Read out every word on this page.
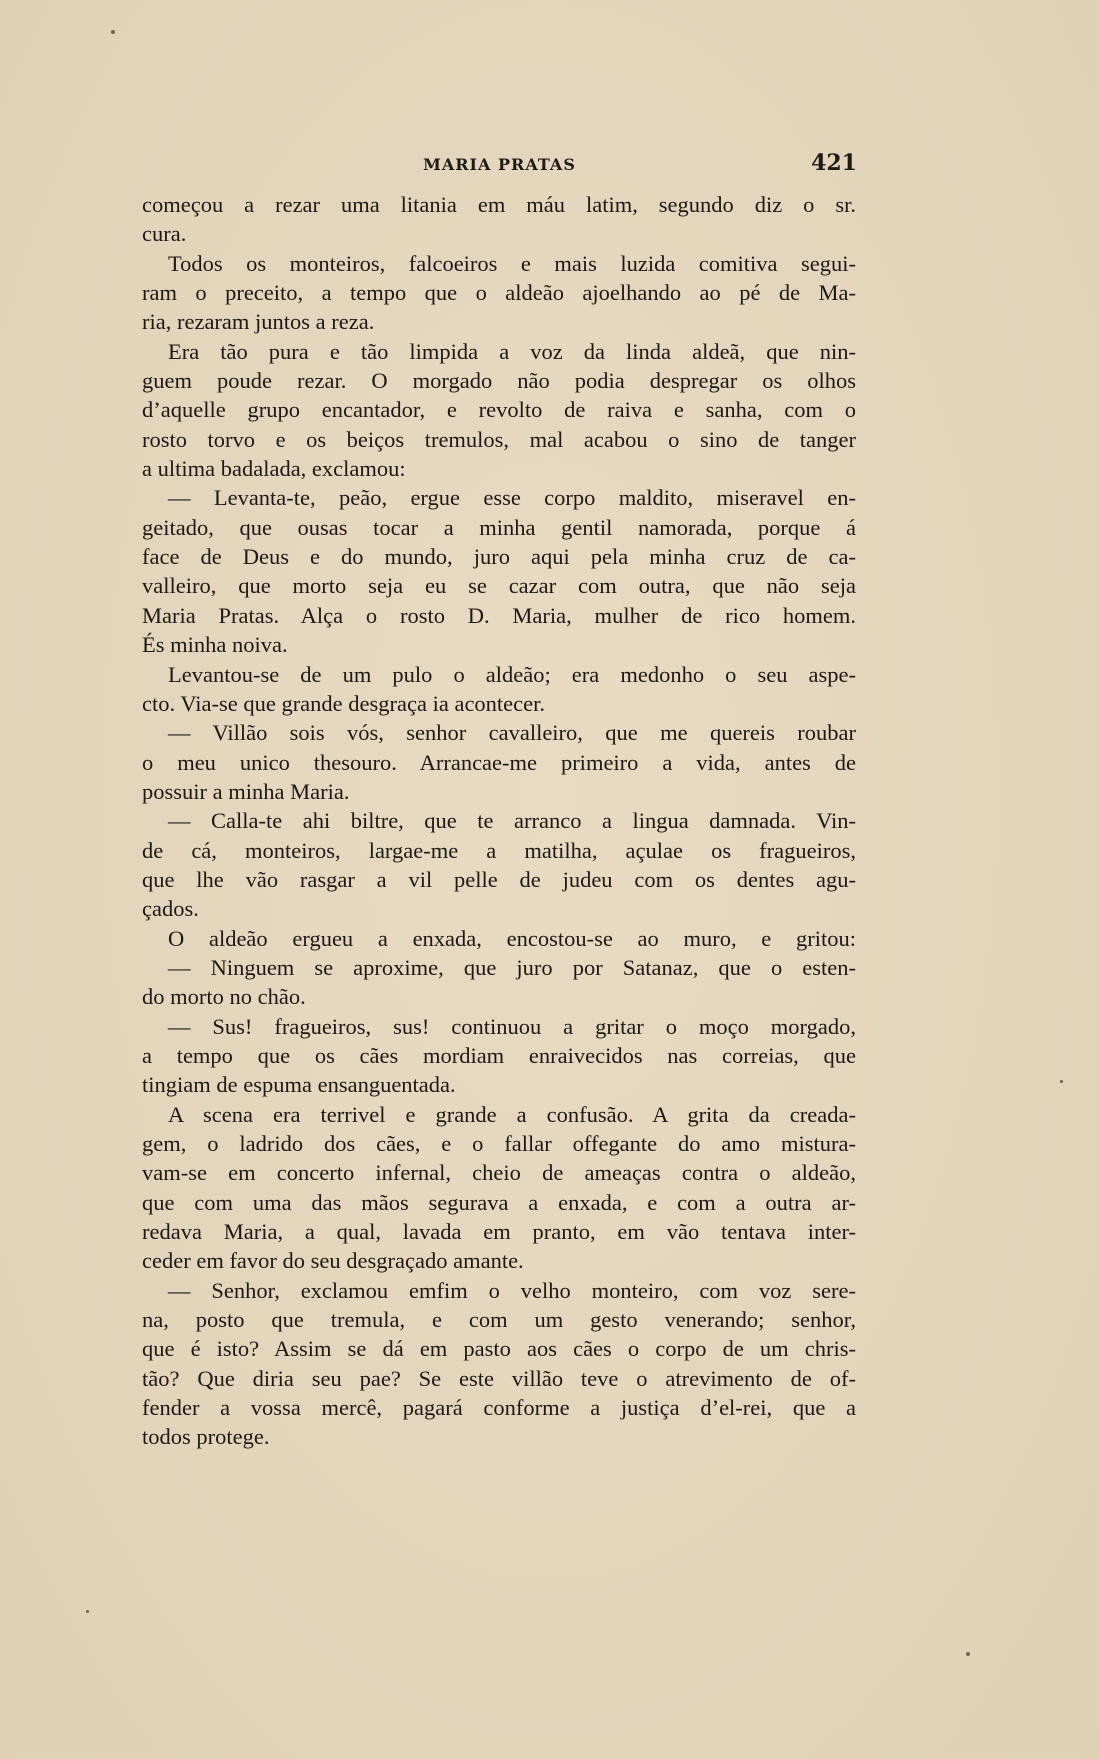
MARIA PRATAS	421
começou a rezar uma litania em máu latim, segundo diz o sr.
cura.
Todos os monteiros, falcoeiros e mais luzida comitiva segui-
ram o preceito, a tempo que o aldeão ajoelhando ao pé de Ma-
ria, rezaram juntos a reza.
Era tão pura e tão limpida a voz da linda aldeã, que nin-
guem poude rezar. O morgado não podia despregar os olhos
d’aquelle grupo encantador, e revolto de raiva e sanha, com o
rosto torvo e os beiços tremulos, mal acabou o sino de tanger
a ultima badalada, exclamou:
— Levanta-te, peão, ergue esse corpo maldito, miseravel en-
geitado, que ousas tocar a minha gentil namorada, porque á
face de Deus e do mundo, juro aqui pela minha cruz de ca-
valleiro, que morto seja eu se cazar com outra, que não seja
Maria Pratas. Alça o rosto D. Maria, mulher de rico homem.
És minha noiva.
Levantou-se de um pulo o aldeão; era medonho o seu aspe-
cto. Via-se que grande desgraça ia acontecer.
— Villão sois vós, senhor cavalleiro, que me quereis roubar
o meu unico thesouro. Arrancae-me primeiro a vida, antes de
possuir a minha Maria.
— Calla-te ahi biltre, que te arranco a lingua damnada. Vin-
de cá, monteiros, largae-me a matilha, açulae os fragueiros,
que lhe vão rasgar a vil pelle de judeu com os dentes agu-
çados.
O aldeão ergueu a enxada, encostou-se ao muro, e gritou:
— Ninguem se aproxime, que juro por Satanaz, que o esten-
do morto no chão.
— Sus! fragueiros, sus! continuou a gritar o moço morgado,
a tempo que os cães mordiam enraivecidos nas correias, que
tingiam de espuma ensanguentada.
A scena era terrivel e grande a confusão. A grita da creada-
gem, o ladrido dos cães, e o fallar offegante do amo mistura-
vam-se em concerto infernal, cheio de ameaças contra o aldeão,
que com uma das mãos segurava a enxada, e com a outra ar-
redava Maria, a qual, lavada em pranto, em vão tentava inter-
ceder em favor do seu desgraçado amante.
— Senhor, exclamou emfim o velho monteiro, com voz sere-
na, posto que tremula, e com um gesto venerando; senhor,
que é isto? Assim se dá em pasto aos cães o corpo de um chris-
tão? Que diria seu pae? Se este villão teve o atrevimento de of-
fender a vossa mercê, pagará conforme a justiça d’el-rei, que a
todos protege.
